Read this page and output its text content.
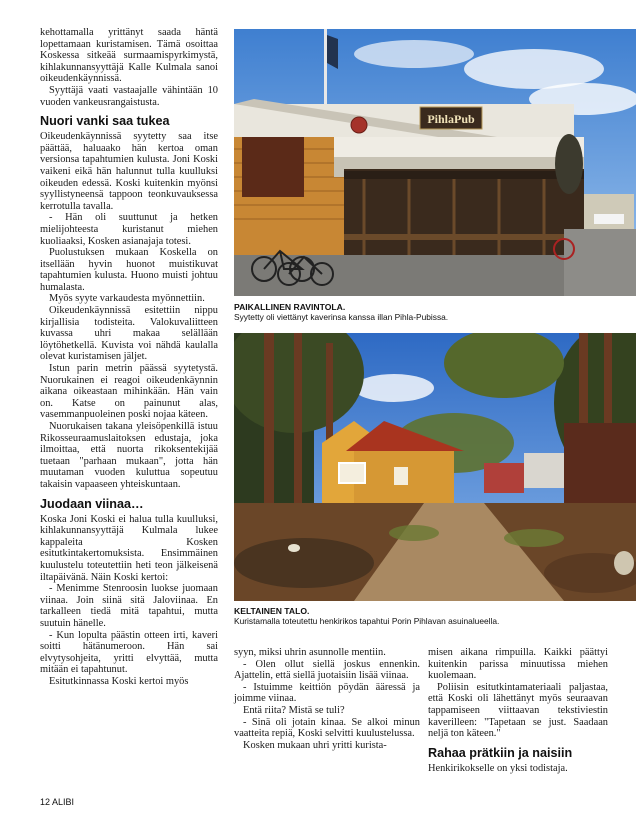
kehottamalla yrittänyt saada häntä lopettamaan kuristamisen. Tämä osoittaa Koskessa sitkeää surmaamispyrkimystä, kihlakunnansyyttäjä Kalle Kulmala sanoi oikeudenkäynnissä.

Syyttäjä vaati vastaajalle vähintään 10 vuoden vankeusrangaistusta.

Nuori vanki saa tukea

Oikeudenkäynnissä syytetty saa itse päättää, haluaako hän kertoa oman versionsa tapahtumien kulusta. Joni Koski vaikeni eikä hän halunnut tulla kuulluksi oikeuden edessä. Koski kuitenkin myönsi syyllistyneensä tappoon teonkuvauksessa kerrotulla tavalla.

- Hän oli suuttunut ja hetken mielijohteesta kuristanut miehen kuoliaaksi, Kosken asianajaja totesi.

Puolustuksen mukaan Koskella on itsellään hyvin huonot muistikuvat tapahtumien kulusta. Huono muisti johtuu humalasta.

Myös syyte varkaudesta myönnettiin.

Oikeudenkäynnissä esitettiin nippu kirjallisia todisteita. Valokuvaliitteen kuvassa uhri makaa selällään löytöhetkellä. Kuvista voi nähdä kaulalla olevat kuristamisen jäljet.

Istun parin metrin päässä syytetystä. Nuorukainen ei reagoi oikeudenkäynnin aikana oikeastaan mihinkään. Hän vain on. Katse on painunut alas, vasemmanpuoleinen poski nojaa käteen.

Nuorukaisen takana yleisöpenkillä istuu Rikosseuraamuslaitoksen edustaja, joka ilmoittaa, että nuorta rikoksentekijää tuetaan "parhaan mukaan", jotta hän muutaman vuoden kuluttua sopeutuu takaisin vapaaseen yhteiskuntaan.

Juodaan viinaa…

Koska Joni Koski ei halua tulla kuulluksi, kihlakunnansyyttäjä Kulmala lukee kappaleita Kosken esitutkintakertomuksista. Ensimmäinen kuulustelu toteutettiin heti teon jälkeisenä iltapäivänä. Näin Koski kertoi:

- Menimme Stenroosin luokse juomaan viinaa. Join siinä sitä Jaloviinaa. En tarkalleen tiedä mitä tapahtui, mutta suutuin hänelle.

- Kun lopulta päästin otteen irti, kaveri soitti hätänumeroon. Hän sai elvytysohjeita, yritti elvyttää, mutta mitään ei tapahtunut.

Esitutkinnassa Koski kertoi myös

PihlaPub
PAIKALLINEN RAVINTOLA.
Syytetty oli viettänyt kaverinsa kanssa illan Pihla-Pubissa.
KELTAINEN TALO.
Kuristamalla toteutettu henkirikos tapahtui Porin Pihlavan asuinalueella.

syyn, miksi uhrin asunnolle mentiin.

- Olen ollut siellä joskus ennenkin. Ajattelin, että siellä juotaisiin lisää viinaa.

- Istuimme keittiön pöydän ääressä ja joimme viinaa.

Entä riita? Mistä se tuli?

- Sinä oli jotain kinaa. Se alkoi minun vaatteita repiä, Koski selvitti kuulustelussa.

Kosken mukaan uhri yritti kurista-

misen aikana rimpuilla. Kaikki päättyi kuitenkin parissa minuutissa miehen kuolemaan.

Poliisin esitutkintamateriaali paljastaa, että Koski oli lähettänyt myös seuraavan tappamiseen viittaavan tekstiviestin kaverilleen: "Tapetaan se just. Saadaan neljä ton käteen."

Rahaa prätkiin ja naisiin

Henkirikokselle on yksi todistaja.

12 ALIBI
